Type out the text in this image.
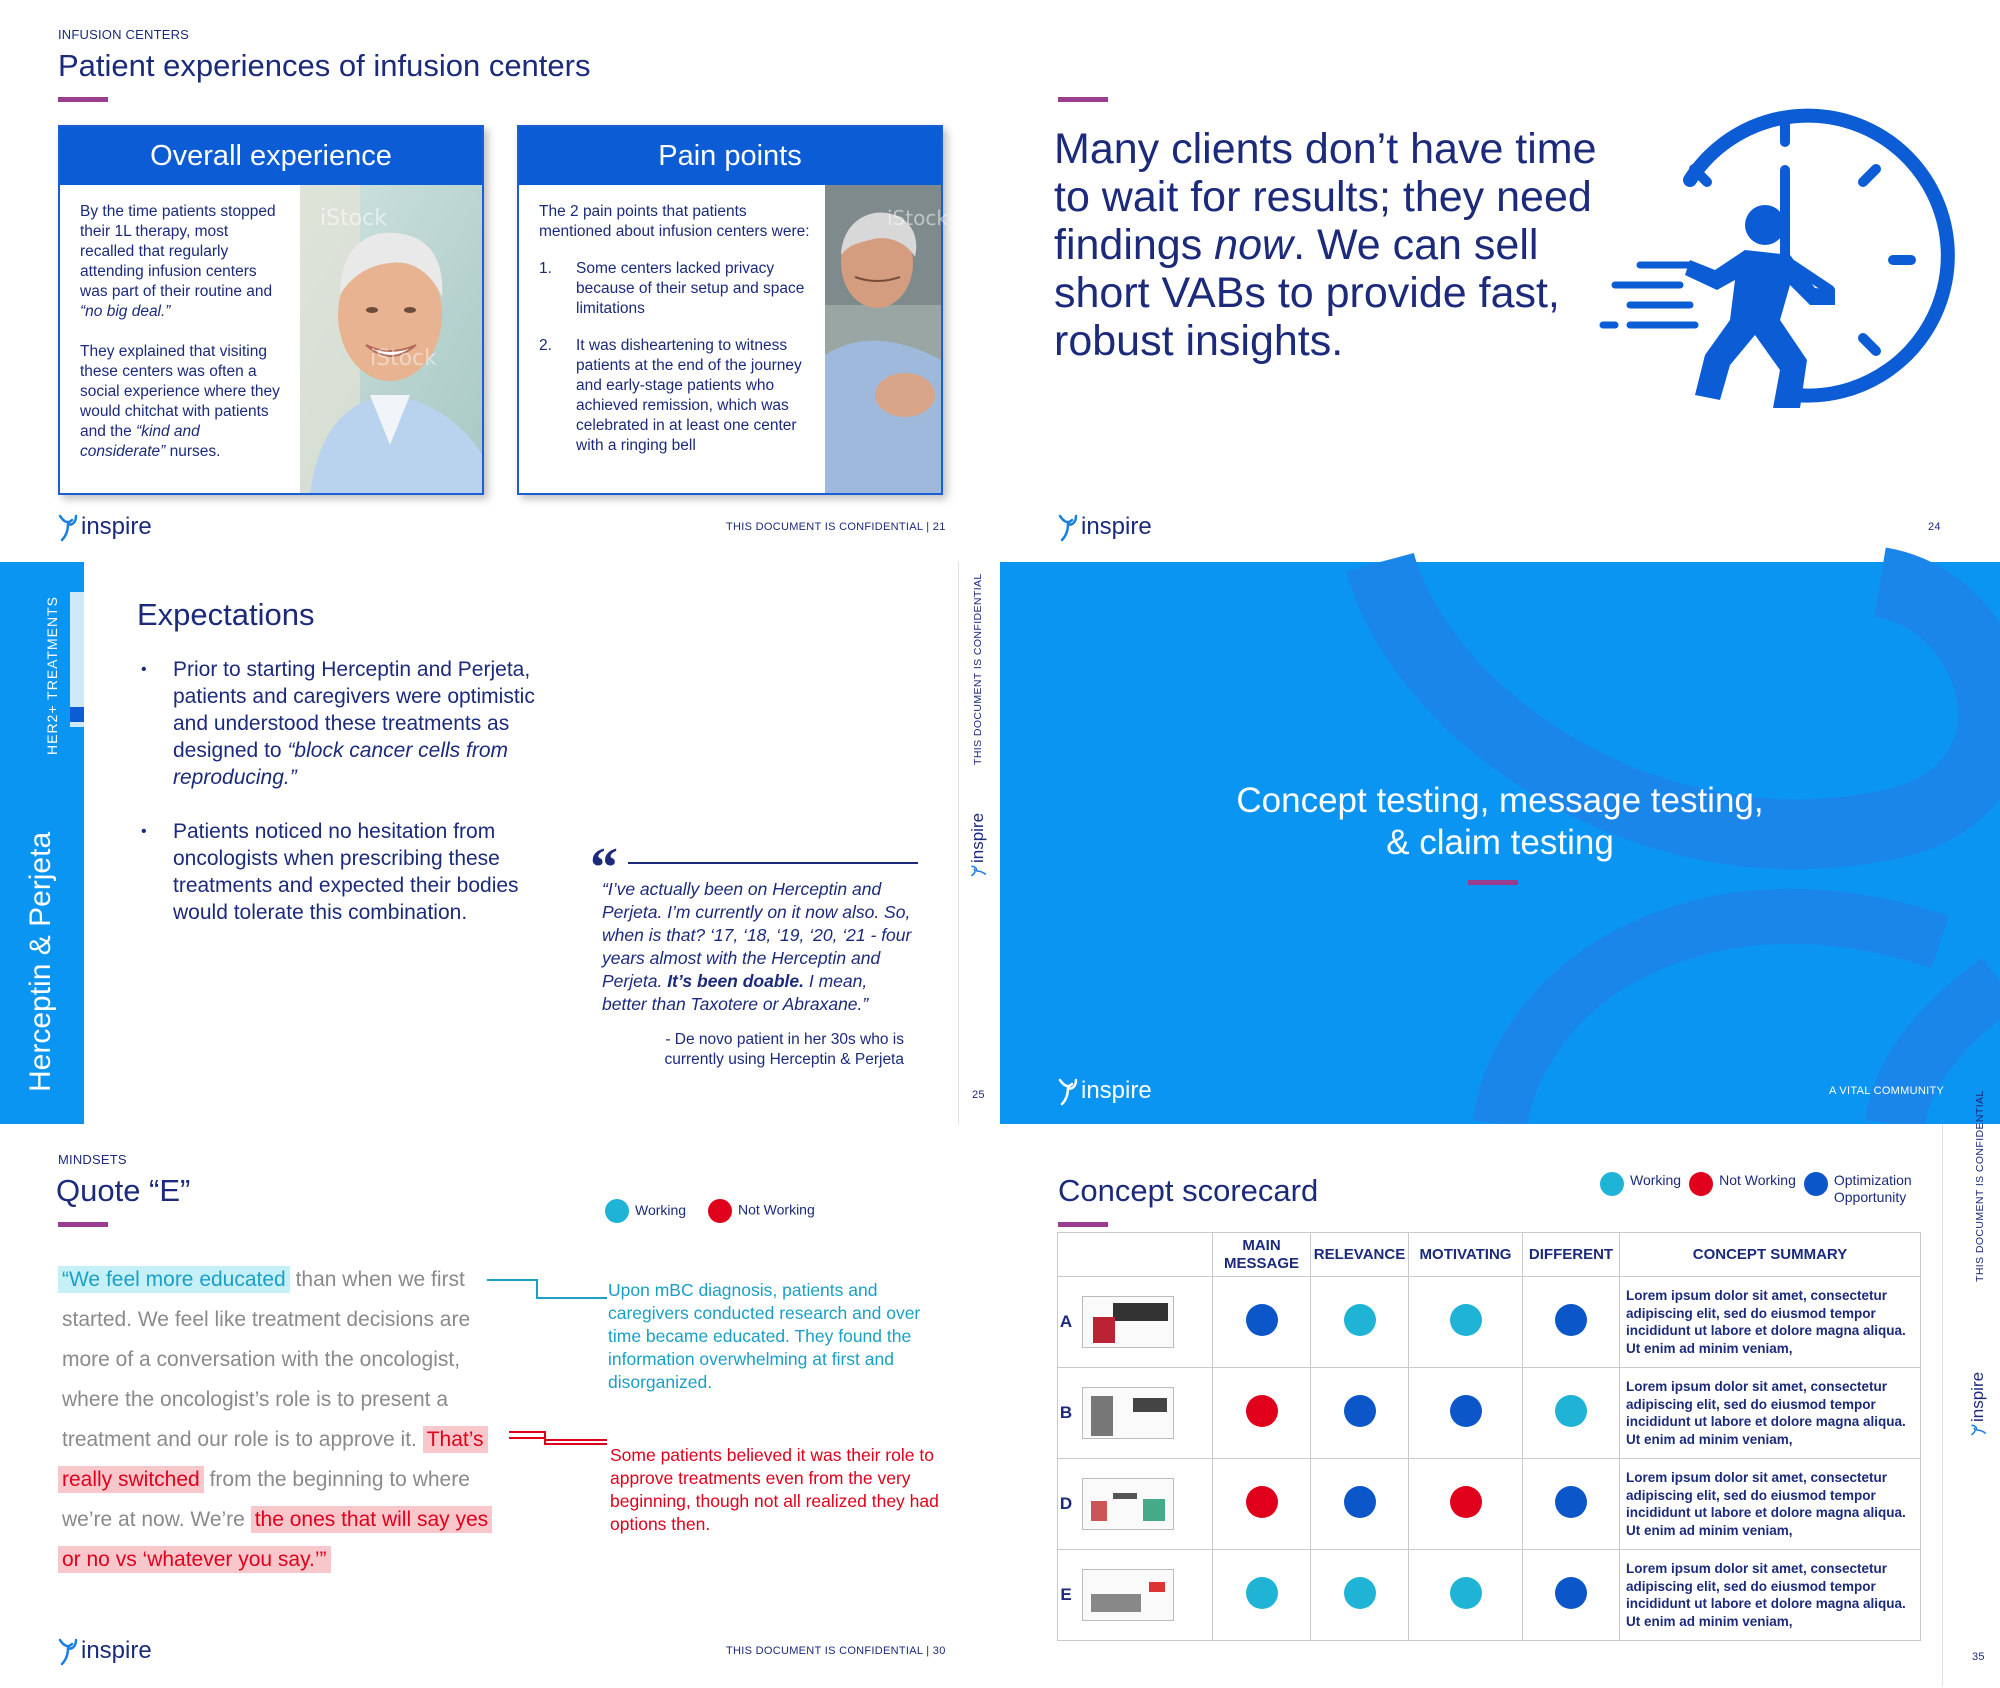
INFUSION CENTERS
Patient experiences of infusion centers
Overall experience
iStock
iStock

By the time patients stopped their 1L therapy, most recalled that regularly attending infusion centers was part of their routine and “no big deal.”

They explained that visiting these centers was often a social experience where they would chitchat with patients and the “kind and considerate” nurses.

Pain points
iStock

The 2 pain points that patients mentioned about infusion centers were:

1.	Some centers lacked privacy because of their setup and space limitations
2.	It was disheartening to witness patients at the end of the journey and early-stage patients who achieved remission, which was celebrated in at least one center with a ringing bell
inspire	THIS DOCUMENT IS CONFIDENTIAL | 21
Many clients don’t have time
to wait for results; they need
findings now. We can sell
short VABs to provide fast,
robust insights.
inspire	24
HER2+ TREATMENTS
Herceptin & Perjeta
Expectations
• Prior to starting Herceptin and Perjeta, patients and caregivers were optimistic and understood these treatments as designed to “block cancer cells from reproducing.”
• Patients noticed no hesitation from oncologists when prescribing these treatments and expected their bodies would tolerate this combination.
“
“I’ve actually been on Herceptin and Perjeta. I’m currently on it now also. So, when is that? ‘17, ‘18, ‘19, ‘20, ‘21 - four years almost with the Herceptin and Perjeta. It’s been doable. I mean, better than Taxotere or Abraxane.”
- De novo patient in her 30s who is
currently using Herceptin & Perjeta
THIS DOCUMENT IS CONFIDENTIAL
inspire
25
Concept testing, message testing,
& claim testing
inspire	A VITAL COMMUNITY
MINDSETS
Quote “E”
Working	Not Working
“We feel more educated than when we first
started. We feel like treatment decisions are
more of a conversation with the oncologist,
where the oncologist’s role is to present a
treatment and our role is to approve it. That’s
really switched from the beginning to where
we’re at now. We’re the ones that will say yes
or no vs ‘whatever you say.’”
Upon mBC diagnosis, patients and caregivers conducted research and over time became educated. They found the information overwhelming at first and disorganized.
Some patients believed it was their role to approve treatments even from the very beginning, though not all realized they had options then.
inspire	THIS DOCUMENT IS CONFIDENTIAL | 30
Concept scorecard	Working	Not Working	Optimization Opportunity
	MAIN MESSAGE	RELEVANCE	MOTIVATING	DIFFERENT	CONCEPT SUMMARY

A					Lorem ipsum dolor sit amet, consectetur adipiscing elit, sed do eiusmod tempor incididunt ut labore et dolore magna aliqua. Ut enim ad minim veniam,

B					Lorem ipsum dolor sit amet, consectetur adipiscing elit, sed do eiusmod tempor incididunt ut labore et dolore magna aliqua. Ut enim ad minim veniam,

D					Lorem ipsum dolor sit amet, consectetur adipiscing elit, sed do eiusmod tempor incididunt ut labore et dolore magna aliqua. Ut enim ad minim veniam,

E					Lorem ipsum dolor sit amet, consectetur adipiscing elit, sed do eiusmod tempor incididunt ut labore et dolore magna aliqua. Ut enim ad minim veniam,
THIS DOCUMENT IS CONFIDENTIAL
inspire
35
